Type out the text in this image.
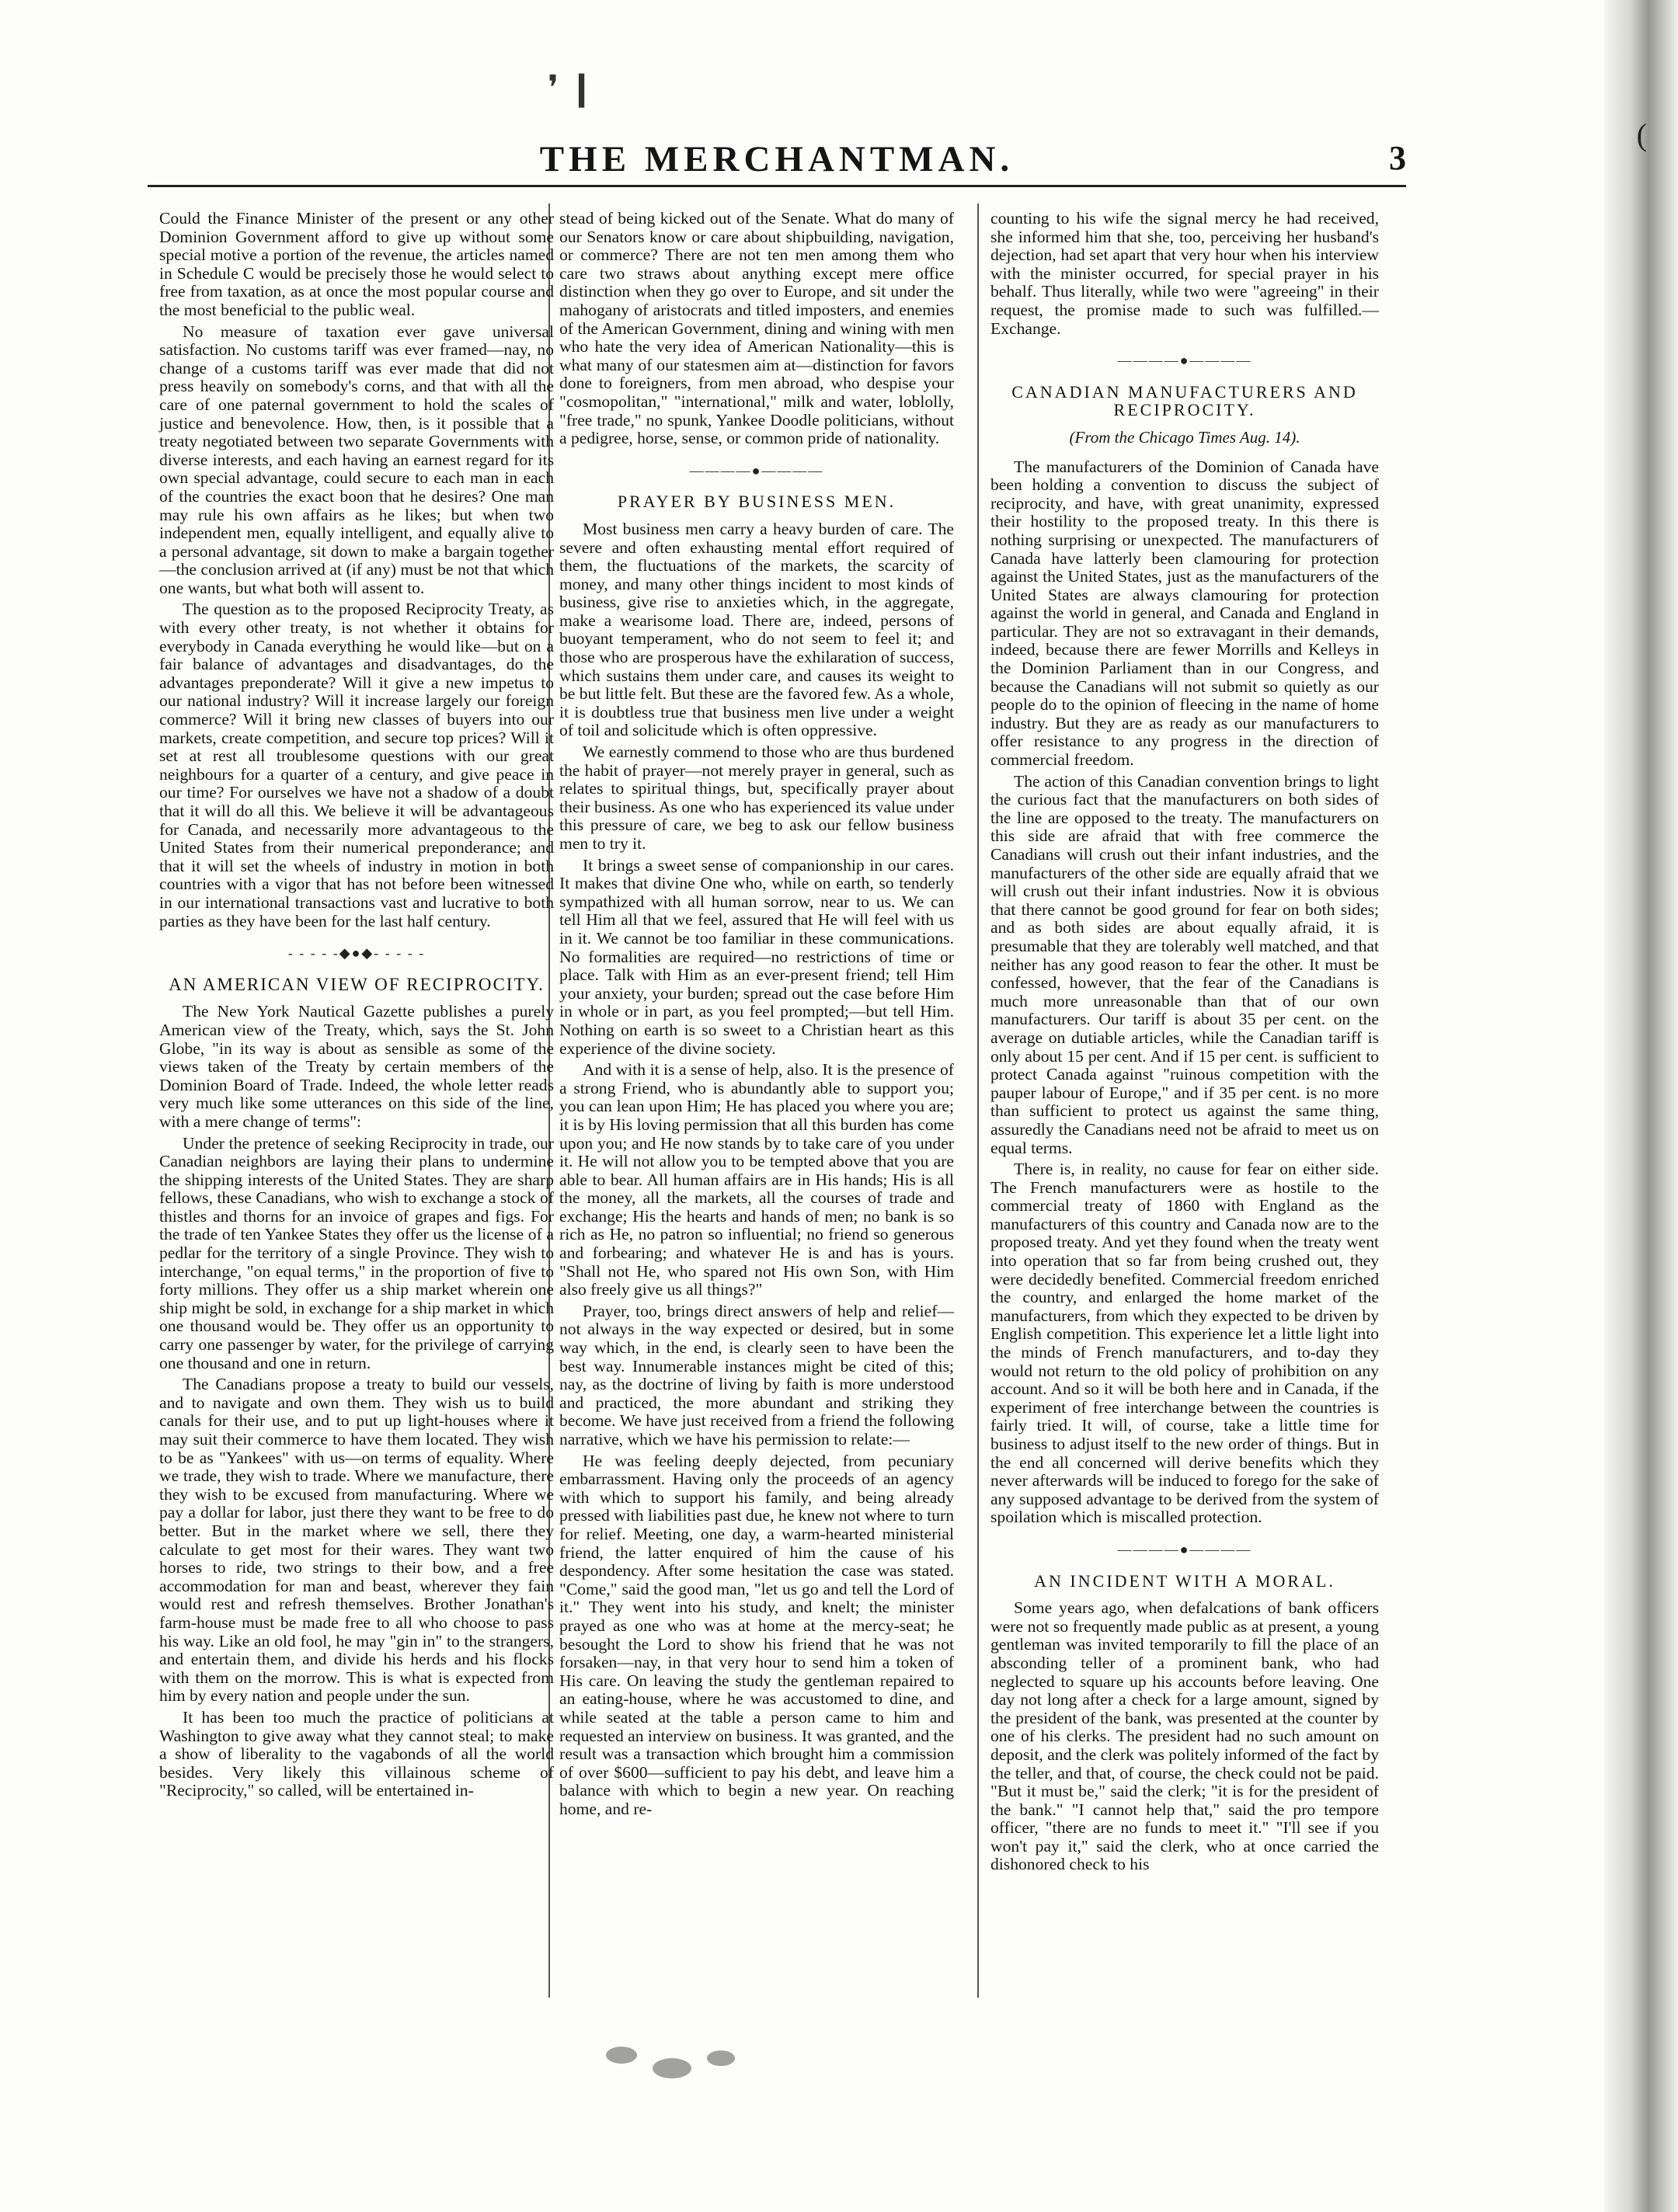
(
❜ ❙
THE MERCHANTMAN.	3

Could the Finance Minister of the present or any other Dominion Government afford to give up without some special motive a portion of the revenue, the articles named in Schedule C would be precisely those he would select to free from taxation, as at once the most popular course and the most beneficial to the public weal.

No measure of taxation ever gave universal satisfaction. No customs tariff was ever framed—nay, no change of a customs tariff was ever made that did not press heavily on somebody's corns, and that with all the care of one paternal government to hold the scales of justice and benevolence. How, then, is it possible that a treaty negotiated between two separate Governments with diverse interests, and each having an earnest regard for its own special advantage, could secure to each man in each of the countries the exact boon that he desires? One man may rule his own affairs as he likes; but when two independent men, equally intelligent, and equally alive to a personal advantage, sit down to make a bargain together—the conclusion arrived at (if any) must be not that which one wants, but what both will assent to.

The question as to the proposed Reciprocity Treaty, as with every other treaty, is not whether it obtains for everybody in Canada everything he would like—but on a fair balance of advantages and disadvantages, do the advantages preponderate? Will it give a new impetus to our national industry? Will it increase largely our foreign commerce? Will it bring new classes of buyers into our markets, create competition, and secure top prices? Will it set at rest all troublesome questions with our great neighbours for a quarter of a century, and give peace in our time? For ourselves we have not a shadow of a doubt that it will do all this. We believe it will be advantageous for Canada, and necessarily more advantageous to the United States from their numerical preponderance; and that it will set the wheels of industry in motion in both countries with a vigor that has not before been witnessed in our international transactions vast and lucrative to both parties as they have been for the last half century.

- - - - -◆●◆- - - - -
AN AMERICAN VIEW OF RECIPROCITY.

The New York Nautical Gazette publishes a purely American view of the Treaty, which, says the St. John Globe, "in its way is about as sensible as some of the views taken of the Treaty by certain members of the Dominion Board of Trade. Indeed, the whole letter reads very much like some utterances on this side of the line, with a mere change of terms":

Under the pretence of seeking Reciprocity in trade, our Canadian neighbors are laying their plans to undermine the shipping interests of the United States. They are sharp fellows, these Canadians, who wish to exchange a stock of thistles and thorns for an invoice of grapes and figs. For the trade of ten Yankee States they offer us the license of a pedlar for the territory of a single Province. They wish to interchange, "on equal terms," in the proportion of five to forty millions. They offer us a ship market wherein one ship might be sold, in exchange for a ship market in which one thousand would be. They offer us an opportunity to carry one passenger by water, for the privilege of carrying one thousand and one in return.

The Canadians propose a treaty to build our vessels, and to navigate and own them. They wish us to build canals for their use, and to put up light-houses where it may suit their commerce to have them located. They wish to be as "Yankees" with us—on terms of equality. Where we trade, they wish to trade. Where we manufacture, there they wish to be excused from manufacturing. Where we pay a dollar for labor, just there they want to be free to do better. But in the market where we sell, there they calculate to get most for their wares. They want two horses to ride, two strings to their bow, and a free accommodation for man and beast, wherever they fain would rest and refresh themselves. Brother Jonathan's farm-house must be made free to all who choose to pass his way. Like an old fool, he may "gin in" to the strangers, and entertain them, and divide his herds and his flocks with them on the morrow. This is what is expected from him by every nation and people under the sun.

It has been too much the practice of politicians at Washington to give away what they cannot steal; to make a show of liberality to the vagabonds of all the world besides. Very likely this villainous scheme of "Reciprocity," so called, will be entertained in-

stead of being kicked out of the Senate. What do many of our Senators know or care about shipbuilding, navigation, or commerce? There are not ten men among them who care two straws about anything except mere office distinction when they go over to Europe, and sit under the mahogany of aristocrats and titled imposters, and enemies of the American Government, dining and wining with men who hate the very idea of American Nationality—this is what many of our statesmen aim at—distinction for favors done to foreigners, from men abroad, who despise your "cosmopolitan," "international," milk and water, loblolly, "free trade," no spunk, Yankee Doodle politicians, without a pedigree, horse, sense, or common pride of nationality.

————●————
PRAYER BY BUSINESS MEN.

Most business men carry a heavy burden of care. The severe and often exhausting mental effort required of them, the fluctuations of the markets, the scarcity of money, and many other things incident to most kinds of business, give rise to anxieties which, in the aggregate, make a wearisome load. There are, indeed, persons of buoyant temperament, who do not seem to feel it; and those who are prosperous have the exhilaration of success, which sustains them under care, and causes its weight to be but little felt. But these are the favored few. As a whole, it is doubtless true that business men live under a weight of toil and solicitude which is often oppressive.

We earnestly commend to those who are thus burdened the habit of prayer—not merely prayer in general, such as relates to spiritual things, but, specifically prayer about their business. As one who has experienced its value under this pressure of care, we beg to ask our fellow business men to try it.

It brings a sweet sense of companionship in our cares. It makes that divine One who, while on earth, so tenderly sympathized with all human sorrow, near to us. We can tell Him all that we feel, assured that He will feel with us in it. We cannot be too familiar in these communications. No formalities are required—no restrictions of time or place. Talk with Him as an ever-present friend; tell Him your anxiety, your burden; spread out the case before Him in whole or in part, as you feel prompted;—but tell Him. Nothing on earth is so sweet to a Christian heart as this experience of the divine society.

And with it is a sense of help, also. It is the presence of a strong Friend, who is abundantly able to support you; you can lean upon Him; He has placed you where you are; it is by His loving permission that all this burden has come upon you; and He now stands by to take care of you under it. He will not allow you to be tempted above that you are able to bear. All human affairs are in His hands; His is all the money, all the markets, all the courses of trade and exchange; His the hearts and hands of men; no bank is so rich as He, no patron so influential; no friend so generous and forbearing; and whatever He is and has is yours. "Shall not He, who spared not His own Son, with Him also freely give us all things?"

Prayer, too, brings direct answers of help and relief—not always in the way expected or desired, but in some way which, in the end, is clearly seen to have been the best way. Innumerable instances might be cited of this; nay, as the doctrine of living by faith is more understood and practiced, the more abundant and striking they become. We have just received from a friend the following narrative, which we have his permission to relate:—

He was feeling deeply dejected, from pecuniary embarrassment. Having only the proceeds of an agency with which to support his family, and being already pressed with liabilities past due, he knew not where to turn for relief. Meeting, one day, a warm-hearted ministerial friend, the latter enquired of him the cause of his despondency. After some hesitation the case was stated. "Come," said the good man, "let us go and tell the Lord of it." They went into his study, and knelt; the minister prayed as one who was at home at the mercy-seat; he besought the Lord to show his friend that he was not forsaken—nay, in that very hour to send him a token of His care. On leaving the study the gentleman repaired to an eating-house, where he was accustomed to dine, and while seated at the table a person came to him and requested an interview on business. It was granted, and the result was a transaction which brought him a commission of over $600—sufficient to pay his debt, and leave him a balance with which to begin a new year. On reaching home, and re-

counting to his wife the signal mercy he had received, she informed him that she, too, perceiving her husband's dejection, had set apart that very hour when his interview with the minister occurred, for special prayer in his behalf. Thus literally, while two were "agreeing" in their request, the promise made to such was fulfilled.—Exchange.

————●————
CANADIAN MANUFACTURERS AND RECIPROCITY.
(From the Chicago Times Aug. 14).

The manufacturers of the Dominion of Canada have been holding a convention to discuss the subject of reciprocity, and have, with great unanimity, expressed their hostility to the proposed treaty. In this there is nothing surprising or unexpected. The manufacturers of Canada have latterly been clamouring for protection against the United States, just as the manufacturers of the United States are always clamouring for protection against the world in general, and Canada and England in particular. They are not so extravagant in their demands, indeed, because there are fewer Morrills and Kelleys in the Dominion Parliament than in our Congress, and because the Canadians will not submit so quietly as our people do to the opinion of fleecing in the name of home industry. But they are as ready as our manufacturers to offer resistance to any progress in the direction of commercial freedom.

The action of this Canadian convention brings to light the curious fact that the manufacturers on both sides of the line are opposed to the treaty. The manufacturers on this side are afraid that with free commerce the Canadians will crush out their infant industries, and the manufacturers of the other side are equally afraid that we will crush out their infant industries. Now it is obvious that there cannot be good ground for fear on both sides; and as both sides are about equally afraid, it is presumable that they are tolerably well matched, and that neither has any good reason to fear the other. It must be confessed, however, that the fear of the Canadians is much more unreasonable than that of our own manufacturers. Our tariff is about 35 per cent. on the average on dutiable articles, while the Canadian tariff is only about 15 per cent. And if 15 per cent. is sufficient to protect Canada against "ruinous competition with the pauper labour of Europe," and if 35 per cent. is no more than sufficient to protect us against the same thing, assuredly the Canadians need not be afraid to meet us on equal terms.

There is, in reality, no cause for fear on either side. The French manufacturers were as hostile to the commercial treaty of 1860 with England as the manufacturers of this country and Canada now are to the proposed treaty. And yet they found when the treaty went into operation that so far from being crushed out, they were decidedly benefited. Commercial freedom enriched the country, and enlarged the home market of the manufacturers, from which they expected to be driven by English competition. This experience let a little light into the minds of French manufacturers, and to-day they would not return to the old policy of prohibition on any account. And so it will be both here and in Canada, if the experiment of free interchange between the countries is fairly tried. It will, of course, take a little time for business to adjust itself to the new order of things. But in the end all concerned will derive benefits which they never afterwards will be induced to forego for the sake of any supposed advantage to be derived from the system of spoilation which is miscalled protection.

————●————
AN INCIDENT WITH A MORAL.

Some years ago, when defalcations of bank officers were not so frequently made public as at present, a young gentleman was invited temporarily to fill the place of an absconding teller of a prominent bank, who had neglected to square up his accounts before leaving. One day not long after a check for a large amount, signed by the president of the bank, was presented at the counter by one of his clerks. The president had no such amount on deposit, and the clerk was politely informed of the fact by the teller, and that, of course, the check could not be paid. "But it must be," said the clerk; "it is for the president of the bank." "I cannot help that," said the pro tempore officer, "there are no funds to meet it." "I'll see if you won't pay it," said the clerk, who at once carried the dishonored check to his
